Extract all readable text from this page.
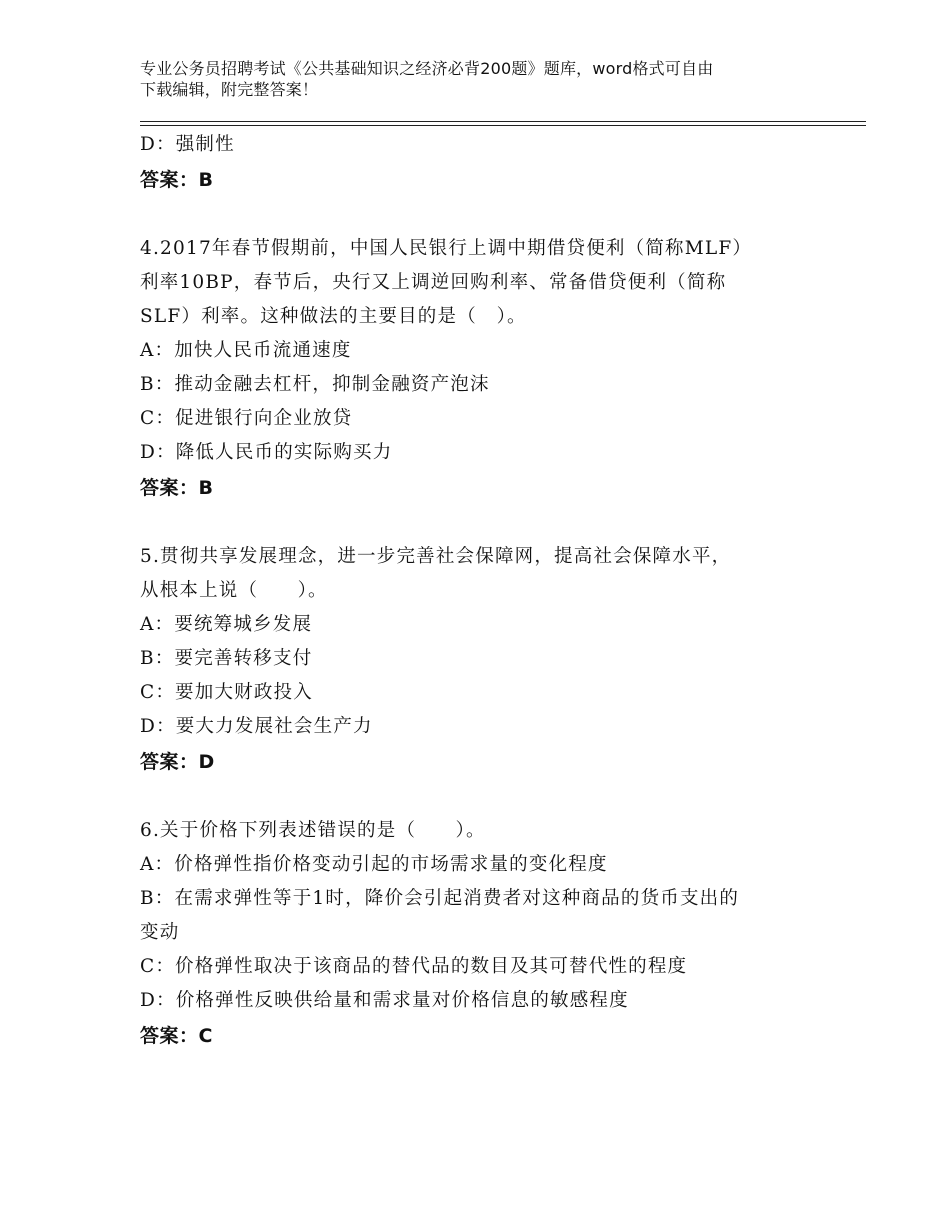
专业公务员招聘考试《公共基础知识之经济必背200题》题库，word格式可自由
下载编辑，附完整答案！
D：强制性
答案：B
4.2017年春节假期前，中国人民银行上调中期借贷便利（简称MLF）
利率10BP，春节后，央行又上调逆回购利率、常备借贷便利（简称
SLF）利率。这种做法的主要目的是（　）。
A：加快人民币流通速度
B：推动金融去杠杆，抑制金融资产泡沫
C：促进银行向企业放贷
D：降低人民币的实际购买力
答案：B
5.贯彻共享发展理念，进一步完善社会保障网，提高社会保障水平，
从根本上说（　　）。
A：要统筹城乡发展
B：要完善转移支付
C：要加大财政投入
D：要大力发展社会生产力
答案：D
6.关于价格下列表述错误的是（　　）。
A：价格弹性指价格变动引起的市场需求量的变化程度
B：在需求弹性等于1时，降价会引起消费者对这种商品的货币支出的
变动
C：价格弹性取决于该商品的替代品的数目及其可替代性的程度
D：价格弹性反映供给量和需求量对价格信息的敏感程度
答案：C
